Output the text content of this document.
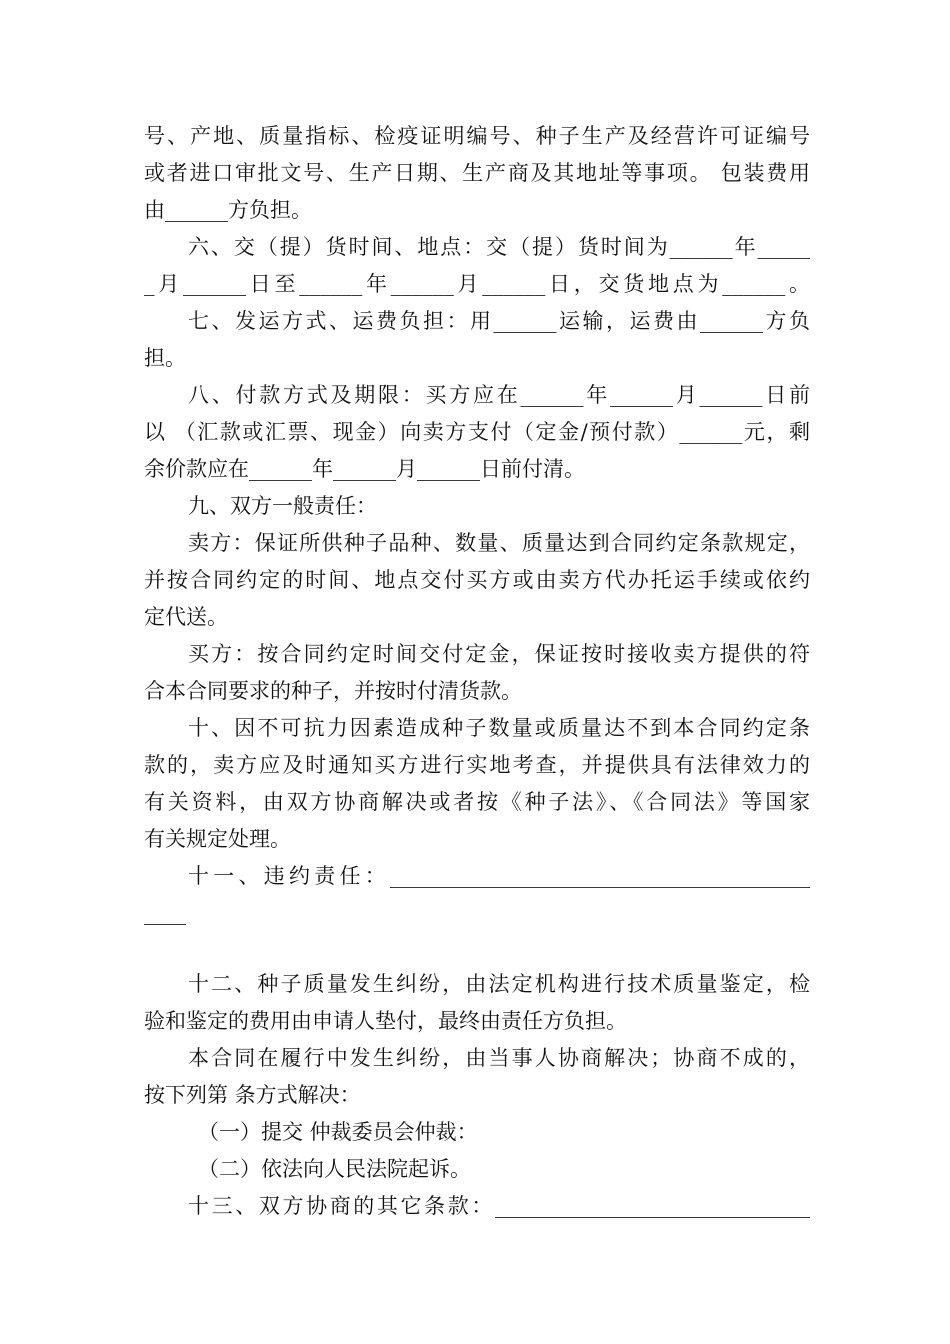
号、产地、质量指标、检疫证明编号、种子生产及经营许可证编号
或者进口审批文号、生产日期、生产商及其地址等事项。 包装费用
由______方负担。
六、交（提）货时间、地点：交（提）货时间为______年_____
_月______日至______年______月______日，交货地点为______。
七、发运方式、运费负担：用______运输，运费由______方负
担。
八、付款方式及期限：买方应在______年______月______日前
以 （汇款或汇票、现金）向卖方支付（定金/预付款）______元，剩
余价款应在______年______月______日前付清。
九、双方一般责任：
卖方：保证所供种子品种、数量、质量达到合同约定条款规定，
并按合同约定的时间、地点交付买方或由卖方代办托运手续或依约
定代送。
买方：按合同约定时间交付定金，保证按时接收卖方提供的符
合本合同要求的种子，并按时付清货款。
十、因不可抗力因素造成种子数量或质量达不到本合同约定条
款的，卖方应及时通知买方进行实地考查，并提供具有法律效力的
有关资料，由双方协商解决或者按《种子法》、《合同法》等国家
有关规定处理。
十一、违约责任：________________________________________
____
十二、种子质量发生纠纷，由法定机构进行技术质量鉴定，检
验和鉴定的费用由申请人垫付，最终由责任方负担。
本合同在履行中发生纠纷，由当事人协商解决；协商不成的，
按下列第 条方式解决：
（一）提交 仲裁委员会仲裁：
（二）依法向人民法院起诉。
十三、双方协商的其它条款：______________________________
